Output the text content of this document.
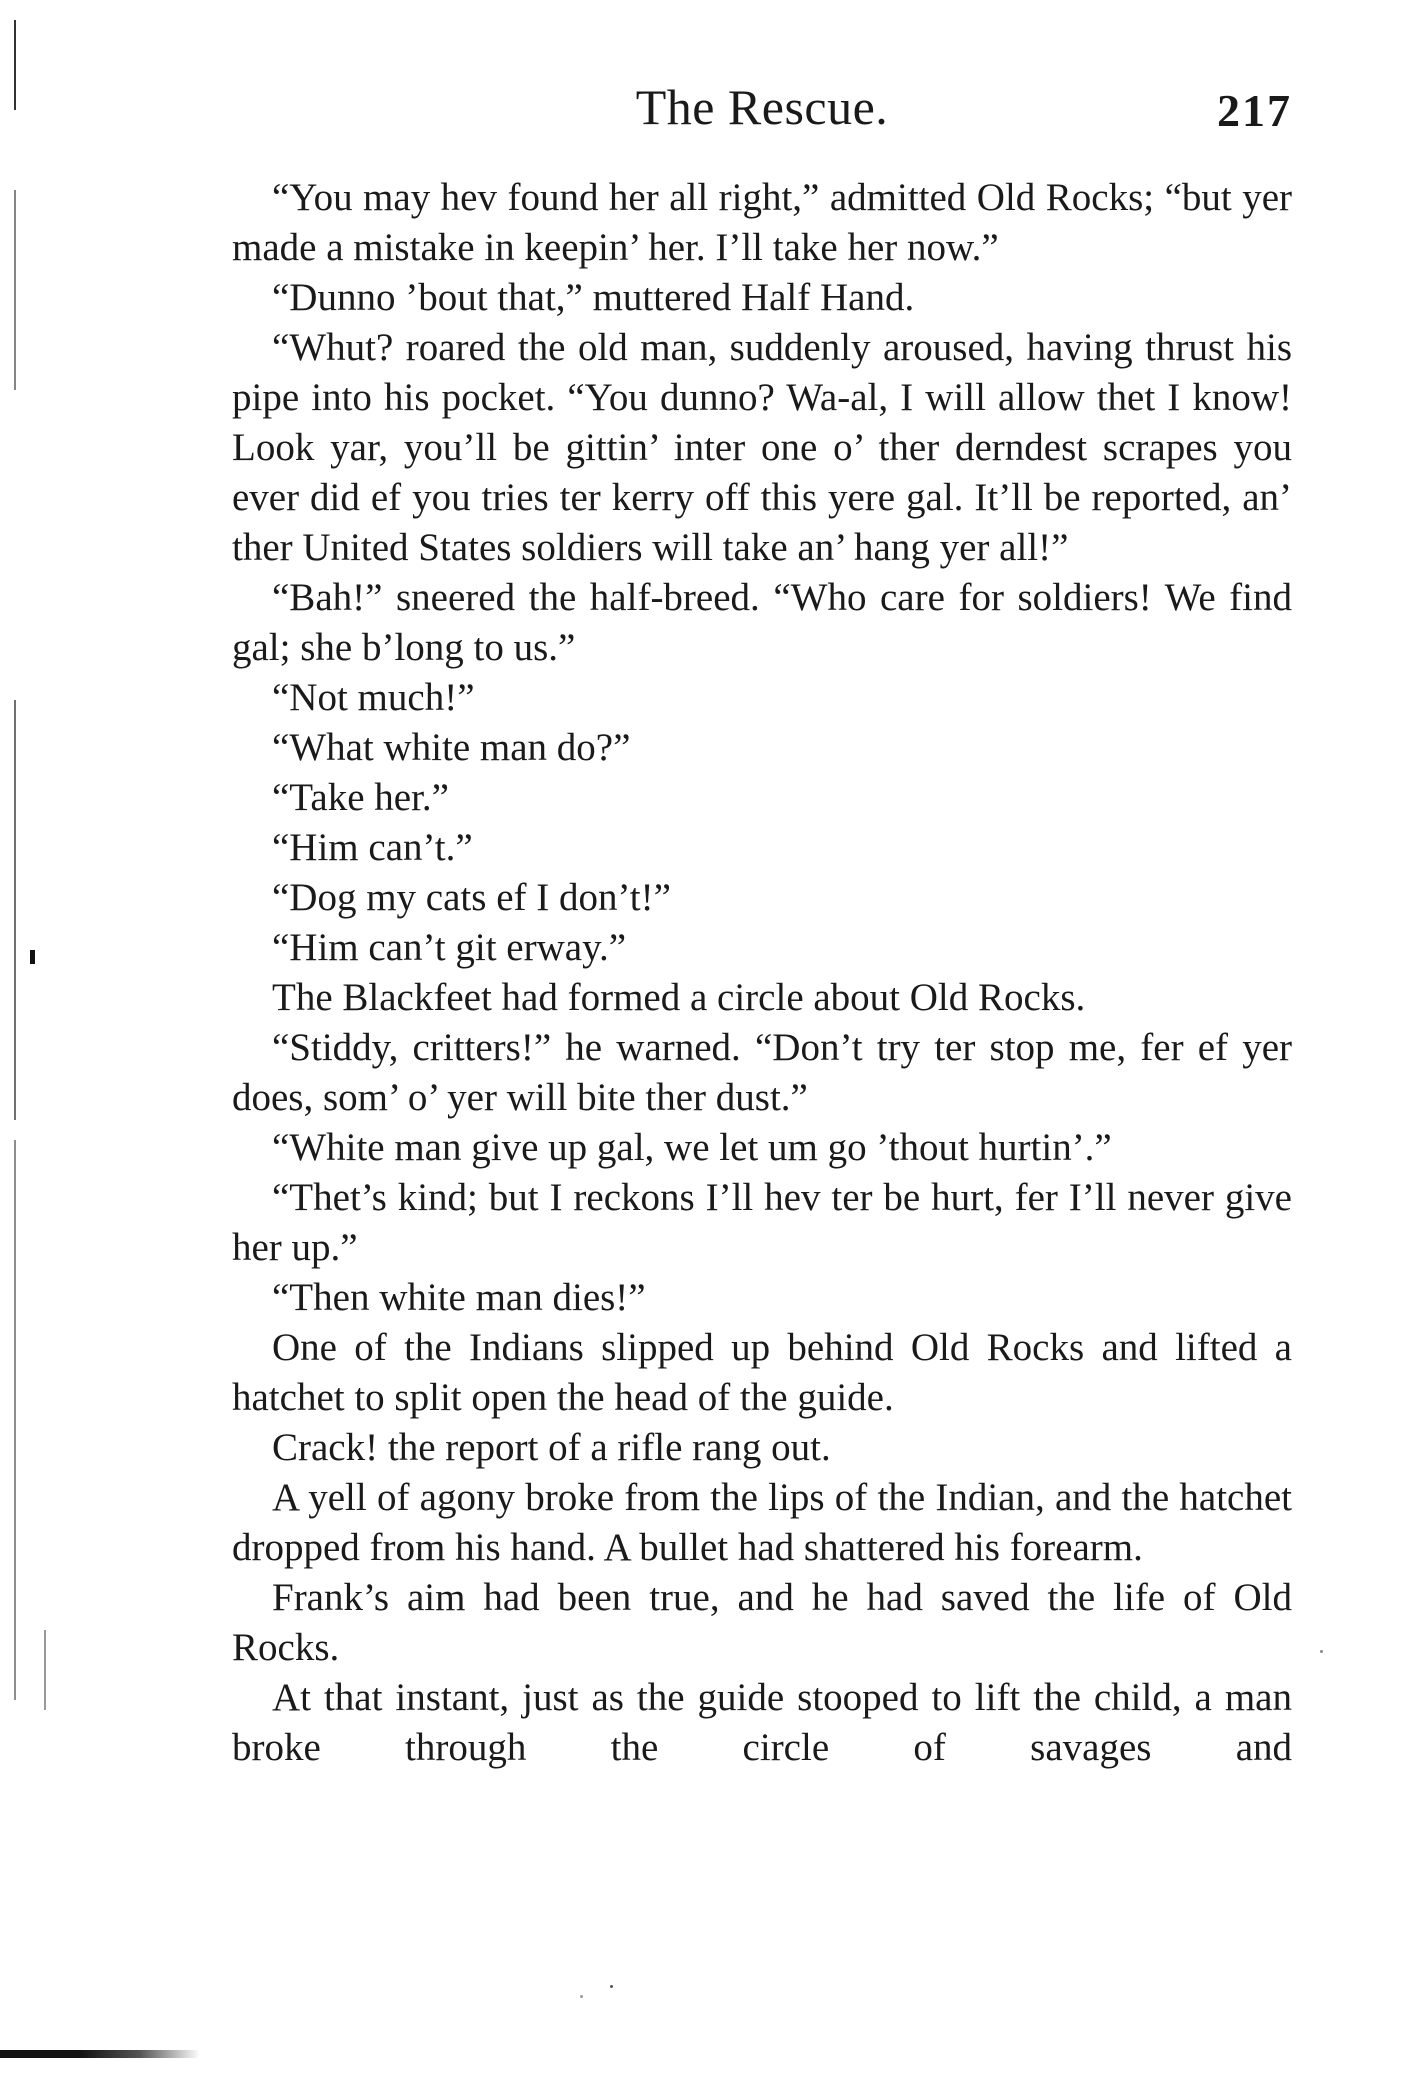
The Rescue.	217

“You may hev found her all right,” admitted Old Rocks; “but yer made a mistake in keepin’ her. I’ll take her now.”

“Dunno ’bout that,” muttered Half Hand.

“Whut? roared the old man, suddenly aroused, having thrust his pipe into his pocket. “You dunno? Wa-al, I will allow thet I know! Look yar, you’ll be gittin’ inter one o’ ther derndest scrapes you ever did ef you tries ter kerry off this yere gal. It’ll be reported, an’ ther United States soldiers will take an’ hang yer all!”

“Bah!” sneered the half-breed. “Who care for soldiers! We find gal; she b’long to us.”

“Not much!”

“What white man do?”

“Take her.”

“Him can’t.”

“Dog my cats ef I don’t!”

“Him can’t git erway.”

The Blackfeet had formed a circle about Old Rocks.

“Stiddy, critters!” he warned. “Don’t try ter stop me, fer ef yer does, som’ o’ yer will bite ther dust.”

“White man give up gal, we let um go ’thout hurtin’.”

“Thet’s kind; but I reckons I’ll hev ter be hurt, fer I’ll never give her up.”

“Then white man dies!”

One of the Indians slipped up behind Old Rocks and lifted a hatchet to split open the head of the guide.

Crack! the report of a rifle rang out.

A yell of agony broke from the lips of the Indian, and the hatchet dropped from his hand. A bullet had shattered his forearm.

Frank’s aim had been true, and he had saved the life of Old Rocks.

At that instant, just as the guide stooped to lift the child, a man broke through the circle of savages and
